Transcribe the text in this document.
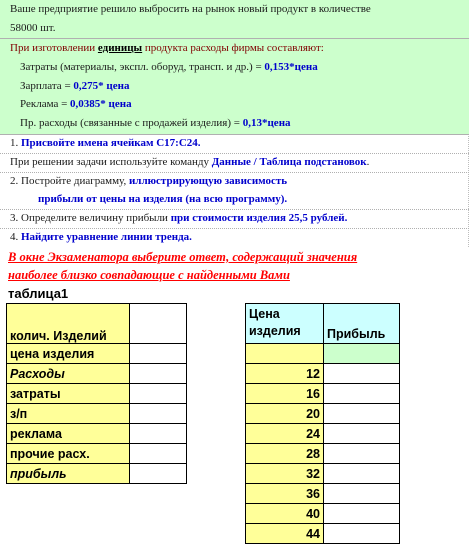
Ваше предприятие решило выбросить на рынок новый продукт в количестве
58000 шт.
При изготовлении единицы продукта расходы фирмы составляют:
Затраты (материалы, экспл. оборуд, трансп. и др.) = 0,153*цена
Зарплата = 0,275* цена
Реклама = 0,0385* цена
Пр. расходы (связанные с продажей изделия) = 0,13*цена
1. Присвойте имена ячейкам С17:С24.
При решении задачи используйте команду Данные / Таблица подстановок.
2. Постройте диаграмму, иллюстрирующую зависимость
прибыли от цены на изделия (на всю программу).
3. Определите величину прибыли при стоимости изделия 25,5 рублей.
4. Найдите уравнение линии тренда.
В окне Экзаменатора выберите ответ, содержащий значения
наиболее близко совпадающие с найденными Вами
таблица1
колич. Изделий	
цена изделия	
Расходы	
затраты	
з/п	
реклама	
прочие расх.	
прибыль	
Цена изделия	Прибыль

12	
16	
20	
24	
28	
32	
36	
40	
44	
